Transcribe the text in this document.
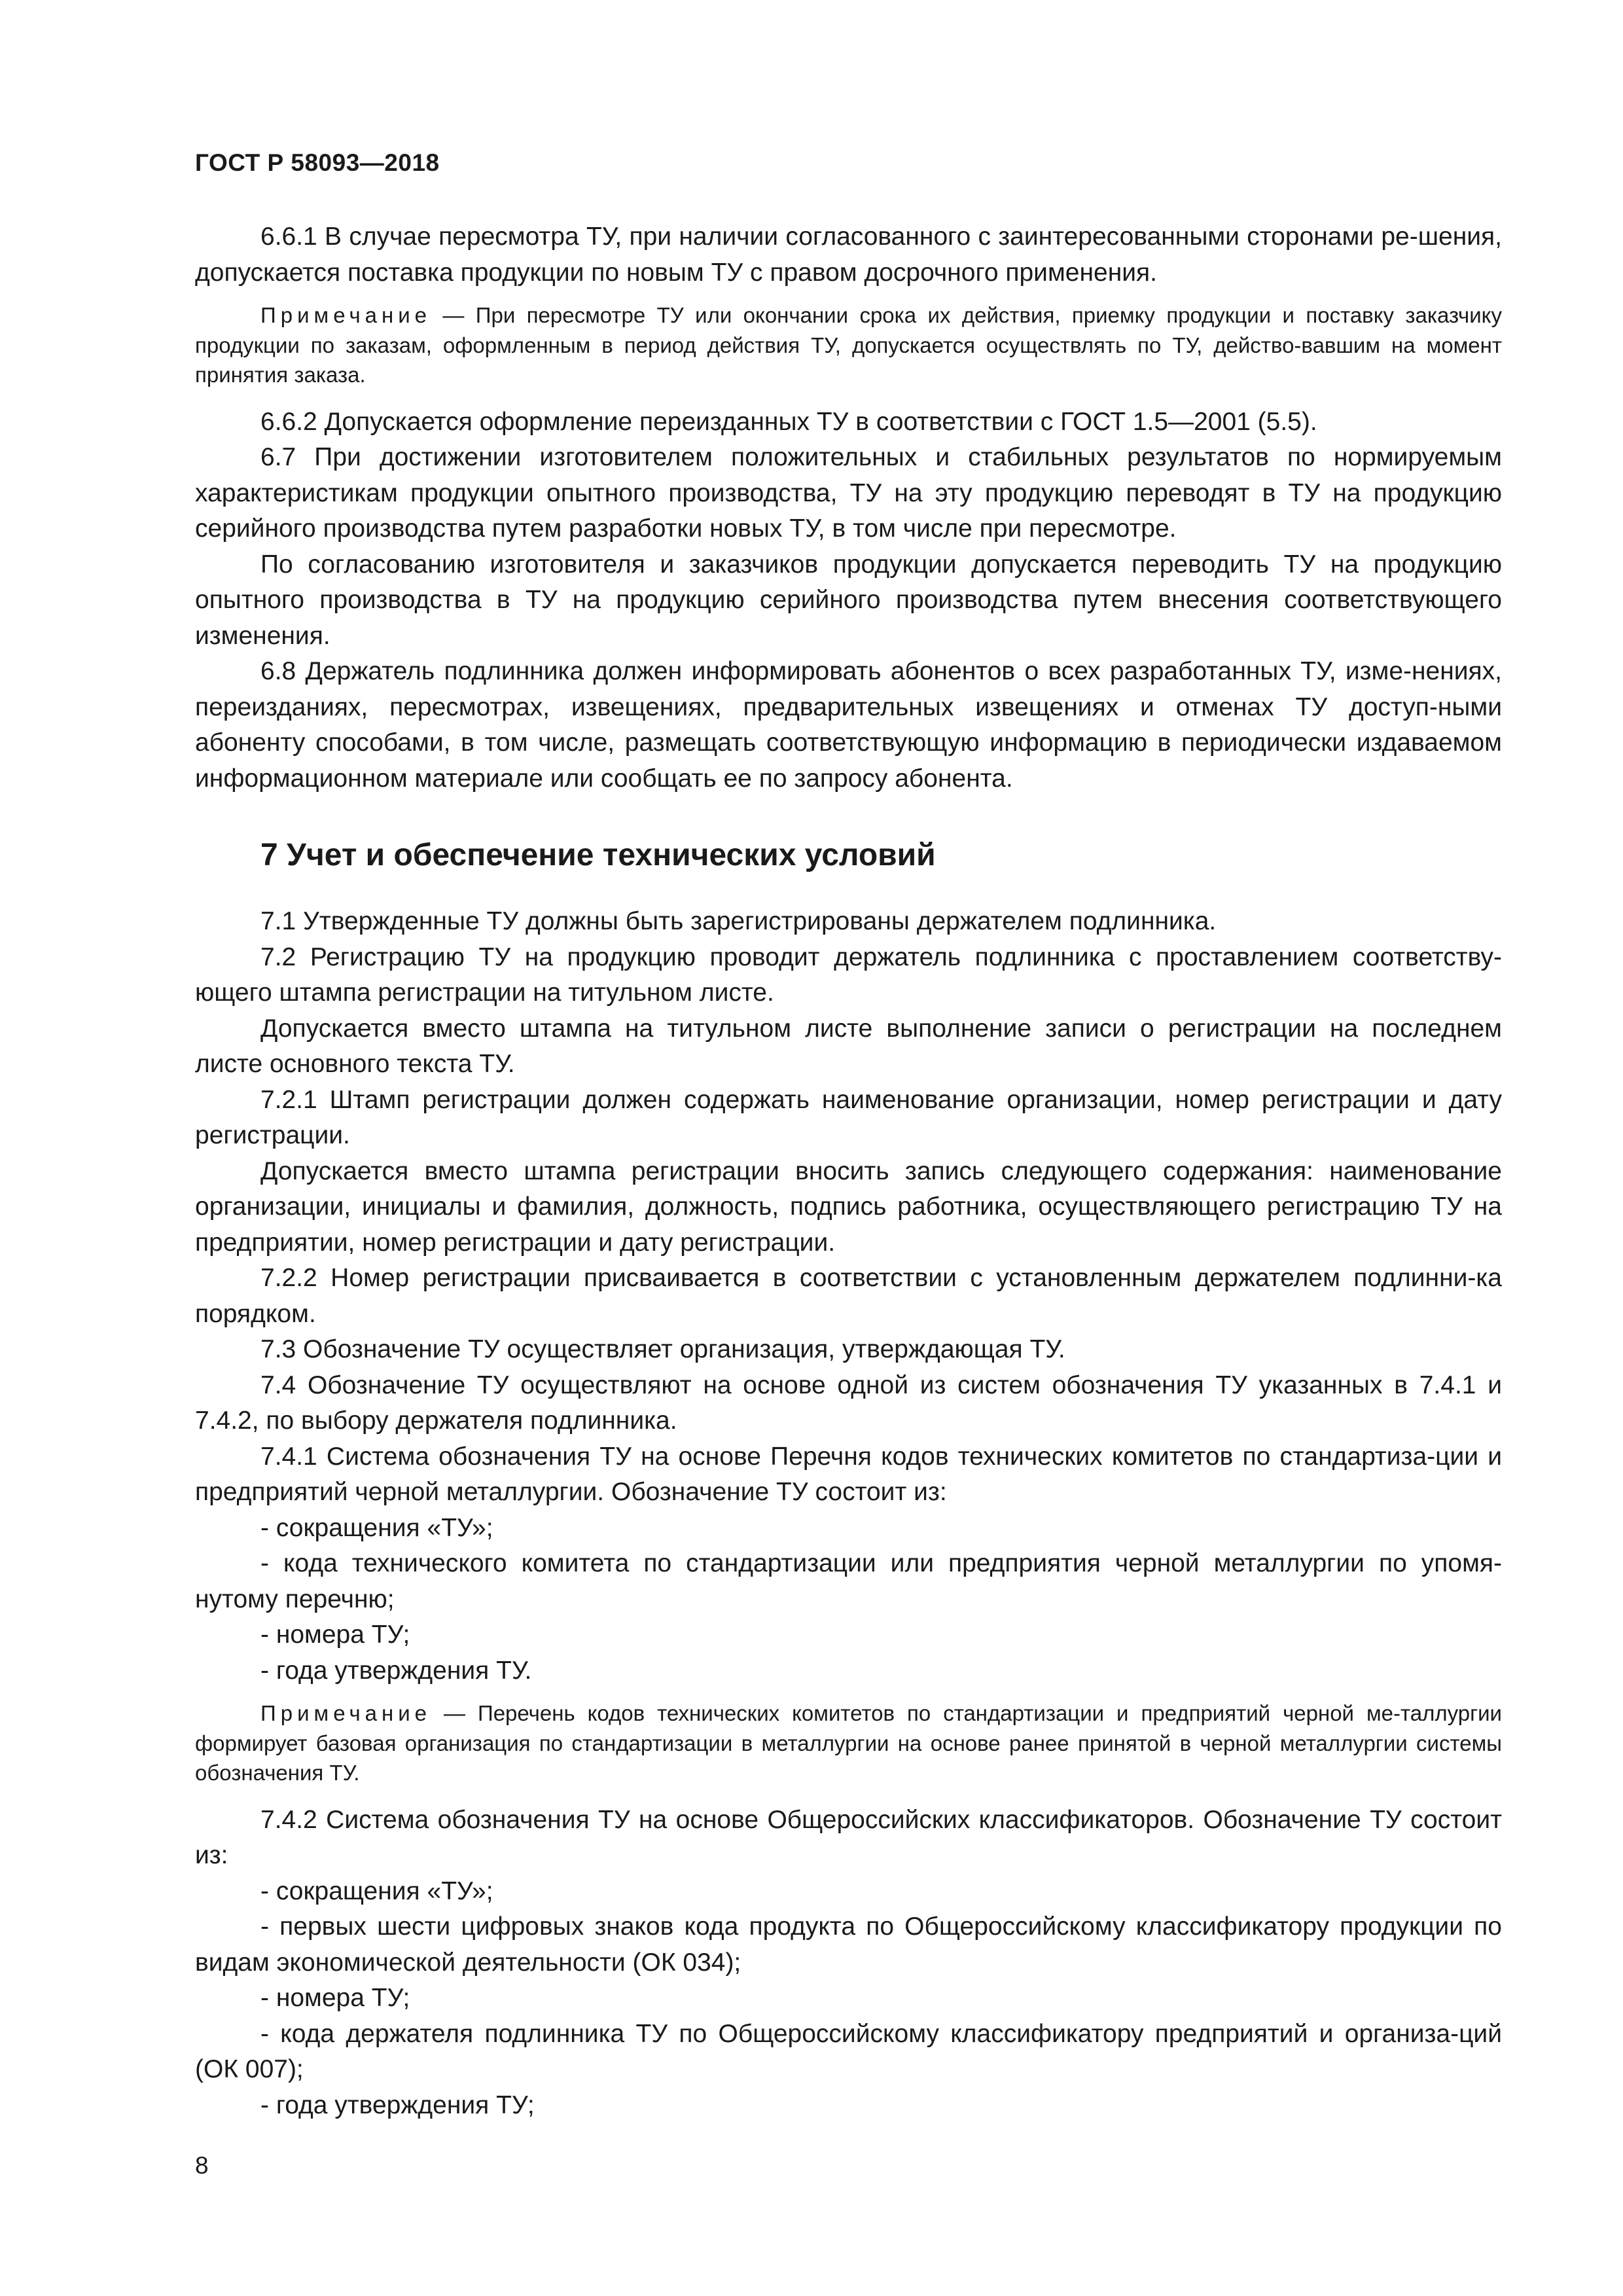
ГОСТ Р 58093—2018

6.6.1 В случае пересмотра ТУ, при наличии согласованного с заинтересованными сторонами ре-шения, допускается поставка продукции по новым ТУ с правом досрочного применения.

Примечание — При пересмотре ТУ или окончании срока их действия, приемку продукции и поставку заказчику продукции по заказам, оформленным в период действия ТУ, допускается осуществлять по ТУ, действо-вавшим на момент принятия заказа.

6.6.2 Допускается оформление переизданных ТУ в соответствии с ГОСТ 1.5—2001 (5.5).

6.7 При достижении изготовителем положительных и стабильных результатов по нормируемым характеристикам продукции опытного производства, ТУ на эту продукцию переводят в ТУ на продукцию серийного производства путем разработки новых ТУ, в том числе при пересмотре.

По согласованию изготовителя и заказчиков продукции допускается переводить ТУ на продукцию опытного производства в ТУ на продукцию серийного производства путем внесения соответствующего изменения.

6.8 Держатель подлинника должен информировать абонентов о всех разработанных ТУ, изме-нениях, переизданиях, пересмотрах, извещениях, предварительных извещениях и отменах ТУ доступ-ными абоненту способами, в том числе, размещать соответствующую информацию в периодически издаваемом информационном материале или сообщать ее по запросу абонента.

7 Учет и обеспечение технических условий

7.1 Утвержденные ТУ должны быть зарегистрированы держателем подлинника.

7.2 Регистрацию ТУ на продукцию проводит держатель подлинника с проставлением соответству-ющего штампа регистрации на титульном листе.

Допускается вместо штампа на титульном листе выполнение записи о регистрации на последнем листе основного текста ТУ.

7.2.1 Штамп регистрации должен содержать наименование организации, номер регистрации и дату регистрации.

Допускается вместо штампа регистрации вносить запись следующего содержания: наименование организации, инициалы и фамилия, должность, подпись работника, осуществляющего регистрацию ТУ на предприятии, номер регистрации и дату регистрации.

7.2.2 Номер регистрации присваивается в соответствии с установленным держателем подлинни-ка порядком.

7.3 Обозначение ТУ осуществляет организация, утверждающая ТУ.

7.4 Обозначение ТУ осуществляют на основе одной из систем обозначения ТУ указанных в 7.4.1 и 7.4.2, по выбору держателя подлинника.

7.4.1 Система обозначения ТУ на основе Перечня кодов технических комитетов по стандартиза-ции и предприятий черной металлургии. Обозначение ТУ состоит из:

- сокращения «ТУ»;

- кода технического комитета по стандартизации или предприятия черной металлургии по упомя-нутому перечню;

- номера ТУ;

- года утверждения ТУ.

Примечание — Перечень кодов технических комитетов по стандартизации и предприятий черной ме-таллургии формирует базовая организация по стандартизации в металлургии на основе ранее принятой в черной металлургии системы обозначения ТУ.

7.4.2 Система обозначения ТУ на основе Общероссийских классификаторов. Обозначение ТУ состоит из:

- сокращения «ТУ»;

- первых шести цифровых знаков кода продукта по Общероссийскому классификатору продукции по видам экономической деятельности (ОК 034);

- номера ТУ;

- кода держателя подлинника ТУ по Общероссийскому классификатору предприятий и организа-ций (ОК 007);

- года утверждения ТУ;

8
